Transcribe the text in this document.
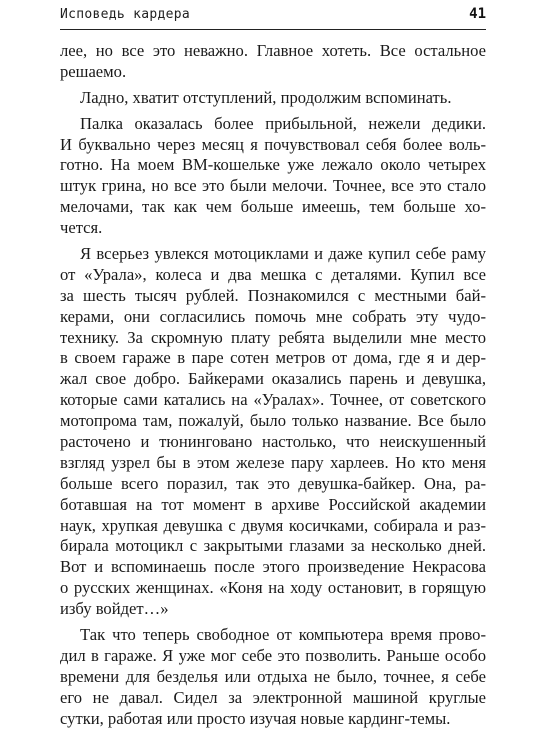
Исповедь кардера	41
лее, но все это неважно. Главное хотеть. Все остальное
решаемо.
Ладно, хватит отступлений, продолжим вспоминать.
Палка оказалась более прибыльной, нежели дедики.
И буквально через месяц я почувствовал себя более воль-
готно. На моем ВМ-кошельке уже лежало около четырех
штук грина, но все это были мелочи. Точнее, все это стало
мелочами, так как чем больше имеешь, тем больше хо-
чется.
Я всерьез увлекся мотоциклами и даже купил себе раму
от «Урала», колеса и два мешка с деталями. Купил все
за шесть тысяч рублей. Познакомился с местными бай-
керами, они согласились помочь мне собрать эту чудо-
технику. За скромную плату ребята выделили мне место
в своем гараже в паре сотен метров от дома, где я и дер-
жал свое добро. Байкерами оказались парень и девушка,
которые сами катались на «Уралах». Точнее, от советского
мотопрома там, пожалуй, было только название. Все было
расточено и тюнинговано настолько, что неискушенный
взгляд узрел бы в этом железе пару харлеев. Но кто меня
больше всего поразил, так это девушка-байкер. Она, ра-
ботавшая на тот момент в архиве Российской академии
наук, хрупкая девушка с двумя косичками, собирала и раз-
бирала мотоцикл с закрытыми глазами за несколько дней.
Вот и вспоминаешь после этого произведение Некрасова
о русских женщинах. «Коня на ходу остановит, в горящую
избу войдет…»
Так что теперь свободное от компьютера время прово-
дил в гараже. Я уже мог себе это позволить. Раньше особо
времени для безделья или отдыха не было, точнее, я себе
его не давал. Сидел за электронной машиной круглые
сутки, работая или просто изучая новые кардинг-темы.
